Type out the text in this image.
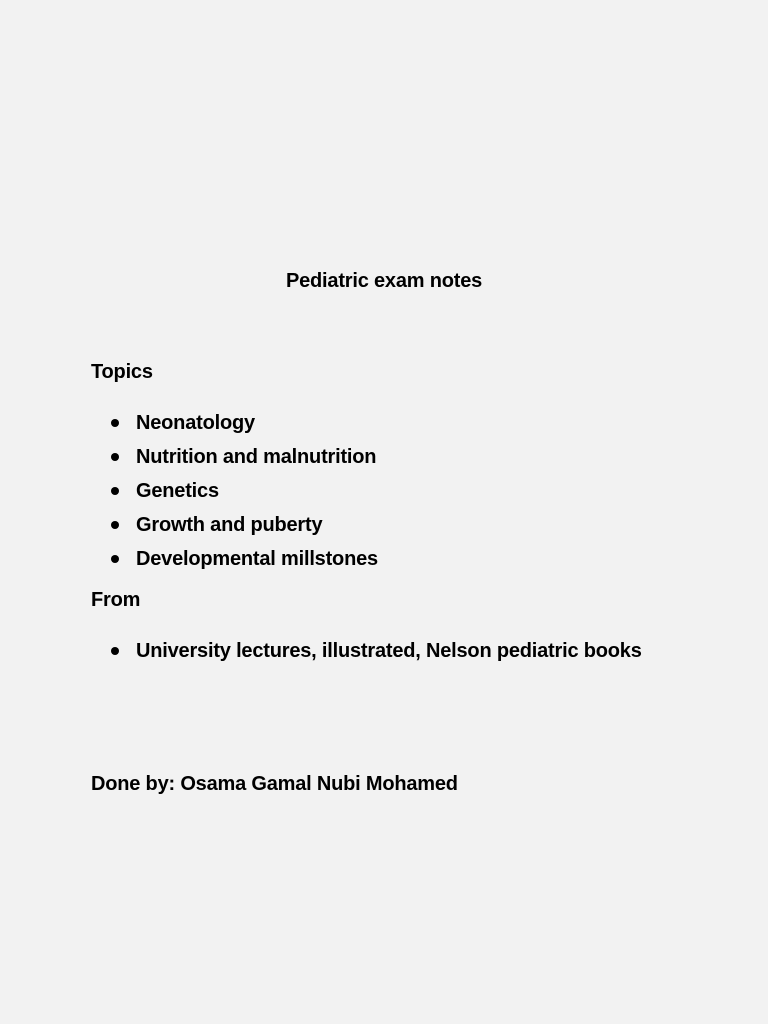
Pediatric exam notes
Topics
Neonatology
Nutrition and malnutrition
Genetics
Growth and puberty
Developmental millstones
From
University lectures, illustrated, Nelson pediatric books
Done by: Osama Gamal Nubi Mohamed
